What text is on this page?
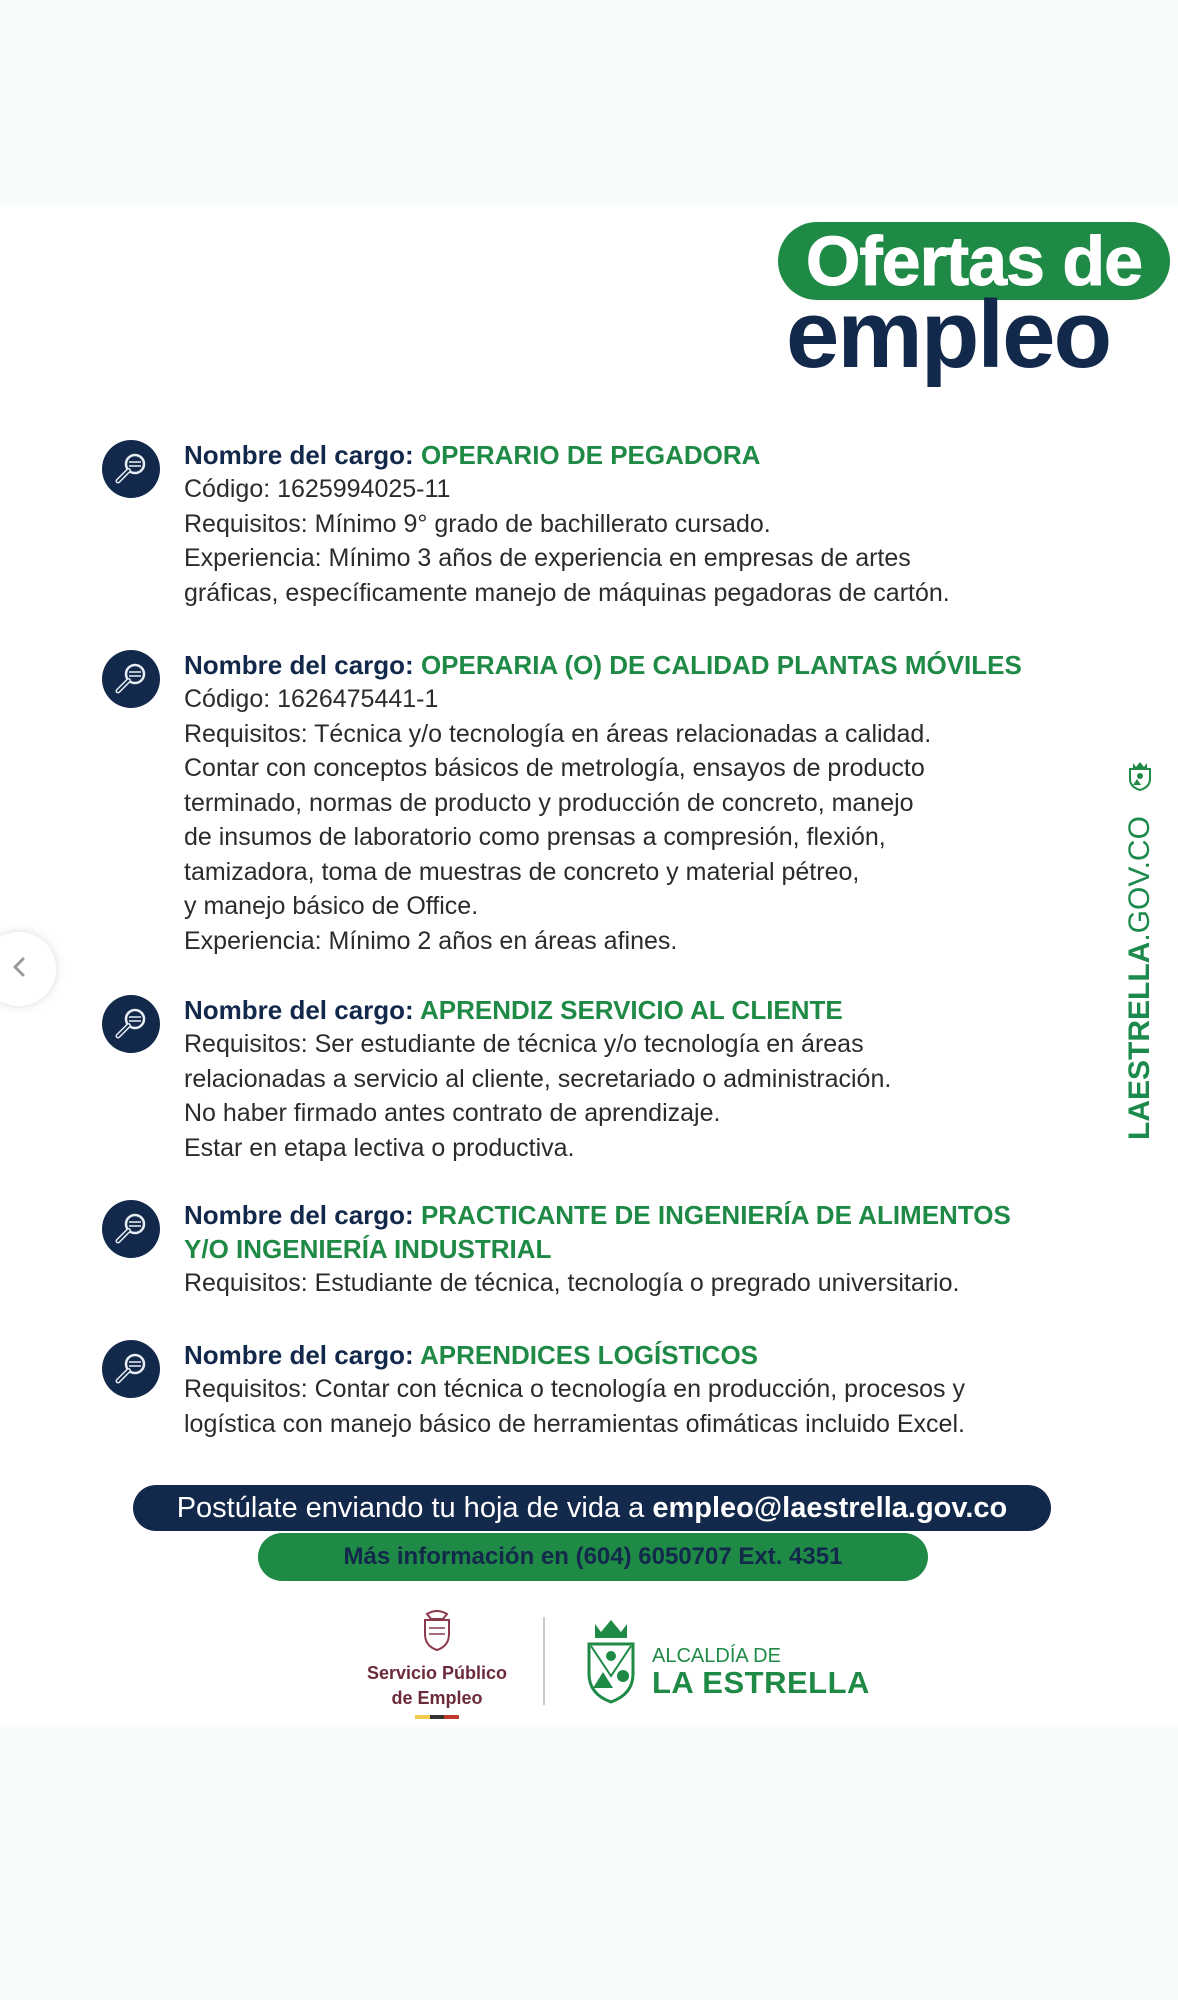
Ofertas de
empleo
LAESTRELLA
.GOV.CO
Nombre del cargo: OPERARIO DE PEGADORA
Código: 1625994025-11
Requisitos: Mínimo 9° grado de bachillerato cursado.
Experiencia: Mínimo 3 años de experiencia en empresas de artes
gráficas, específicamente manejo de máquinas pegadoras de cartón.
Nombre del cargo: OPERARIA (O) DE CALIDAD PLANTAS MÓVILES
Código: 1626475441-1
Requisitos: Técnica y/o tecnología en áreas relacionadas a calidad.
Contar con conceptos básicos de metrología, ensayos de producto
terminado, normas de producto y producción de concreto, manejo
de insumos de laboratorio como prensas a compresión, flexión,
tamizadora, toma de muestras de concreto y material pétreo,
y manejo básico de Office.
Experiencia: Mínimo 2 años en áreas afines.
Nombre del cargo: APRENDIZ SERVICIO AL CLIENTE
Requisitos: Ser estudiante de técnica y/o tecnología en áreas
relacionadas a servicio al cliente, secretariado o administración.
No haber firmado antes contrato de aprendizaje.
Estar en etapa lectiva o productiva.
Nombre del cargo: PRACTICANTE DE INGENIERÍA DE ALIMENTOS
Y/O INGENIERÍA INDUSTRIAL
Requisitos: Estudiante de técnica, tecnología o pregrado universitario.
Nombre del cargo: APRENDICES LOGÍSTICOS
Requisitos: Contar con técnica o tecnología en producción, procesos y
logística con manejo básico de herramientas ofimáticas incluido Excel.
Postúlate enviando tu hoja de vida a empleo@laestrella.gov.co
Más información en (604) 6050707 Ext. 4351
Servicio Público
de Empleo
ALCALDÍA DE
LA ESTRELLA
